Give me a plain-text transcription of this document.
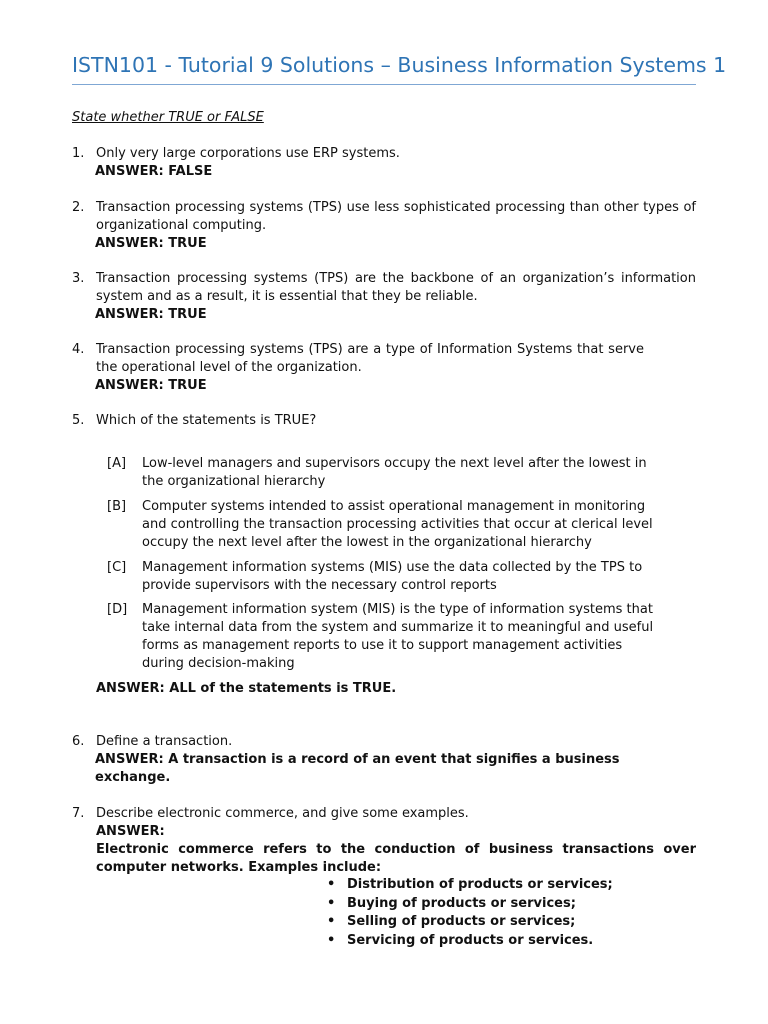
ISTN101 - Tutorial 9 Solutions – Business Information Systems 1
State whether TRUE or FALSE
1. Only very large corporations use ERP systems.
ANSWER: FALSE
2. Transaction processing systems (TPS) use less sophisticated processing than other types of organizational computing.
ANSWER: TRUE
3. Transaction processing systems (TPS) are the backbone of an organization’s information system and as a result, it is essential that they be reliable.
ANSWER: TRUE
4. Transaction processing systems (TPS) are a type of Information Systems that serve the operational level of the organization.
ANSWER: TRUE
5. Which of the statements is TRUE?
[A] Low-level managers and supervisors occupy the next level after the lowest in the organizational hierarchy
[B] Computer systems intended to assist operational management in monitoring and controlling the transaction processing activities that occur at clerical level occupy the next level after the lowest in the organizational hierarchy
[C] Management information systems (MIS) use the data collected by the TPS to provide supervisors with the necessary control reports
[D] Management information system (MIS) is the type of information systems that take internal data from the system and summarize it to meaningful and useful forms as management reports to use it to support management activities during decision-making
ANSWER: ALL of the statements is TRUE.
6. Define a transaction.
ANSWER: A transaction is a record of an event that signifies a business exchange.
7. Describe electronic commerce, and give some examples.
ANSWER:
Electronic commerce refers to the conduction of business transactions over computer networks. Examples include:
• Distribution of products or services;
• Buying of products or services;
• Selling of products or services;
• Servicing of products or services.
